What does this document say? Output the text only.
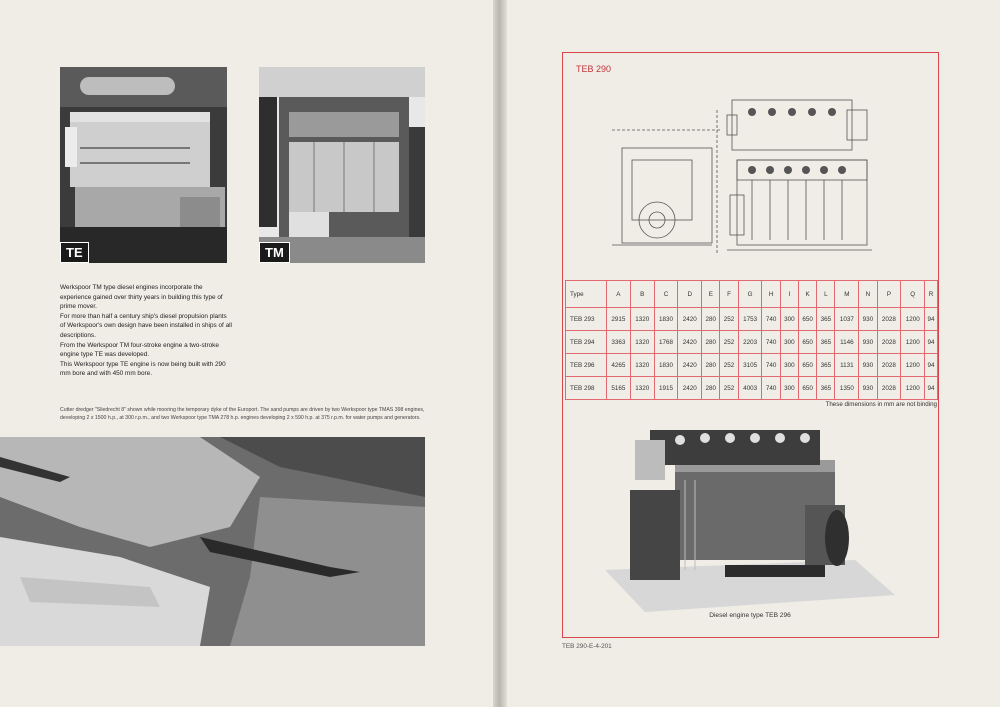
TE	TM

Werkspoor TM type diesel engines incorporate the experience gained over thirty years in building this type of prime mover.

For more than half a century ship's diesel propulsion plants of Werkspoor's own design have been installed in ships of all descriptions.

From the Werkspoor TM four-stroke engine a two-stroke engine type TE was developed.

This Werkspoor type TE engine is now being built with 290 mm bore and with 450 mm bore.

Cutter dredger "Sliedrecht 8" shown while mooring the temporary dyke of the Europort. The sand pumps are driven by two Werkspoor type TMAS 398 engines, developing 2 x 1500 h.p., at 300 r.p.m., and two Werkspoor type TMA 278 h.p. engines developing 2 x 590 h.p. at 375 r.p.m. for water pumps and generators.
TEB 290
Type	A	B	C	D	E	F	G	H	I	K	L	M	N	P	Q	R
TEB 293	2915	1320	1830	2420	280	252	1753	740	300	650	365	1037	930	2028	1200	94
TEB 294	3363	1320	1768	2420	280	252	2203	740	300	650	365	1146	930	2028	1200	94
TEB 296	4265	1320	1830	2420	280	252	3105	740	300	650	365	1131	930	2028	1200	94
TEB 298	5165	1320	1915	2420	280	252	4003	740	300	650	365	1350	930	2028	1200	94
These dimensions in mm are not binding
Diesel engine type TEB 296
TEB 290-E-4-201
